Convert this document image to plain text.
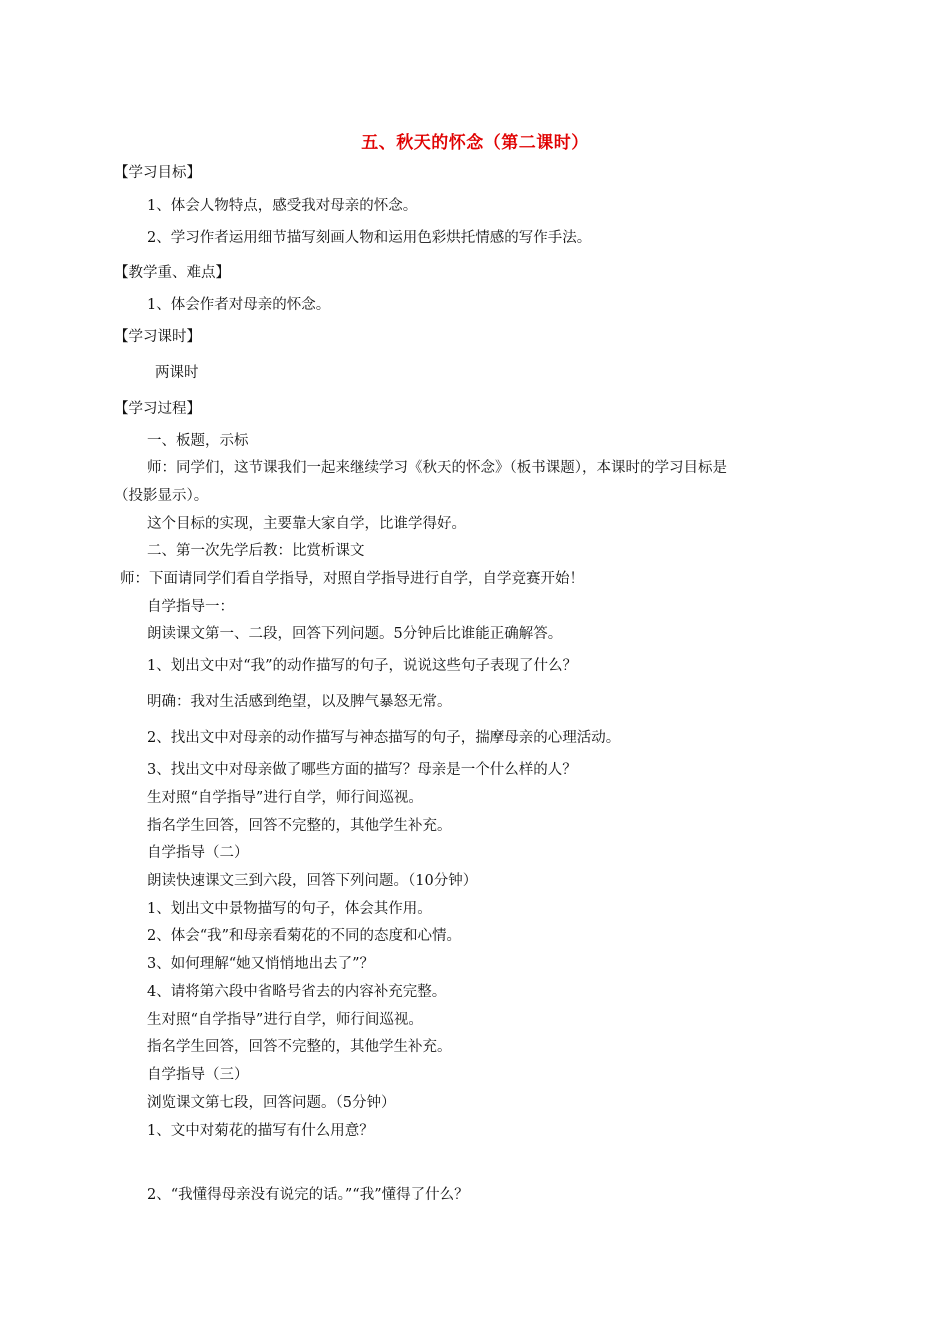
五、秋天的怀念（第二课时）
【学习目标】
1、体会人物特点，感受我对母亲的怀念。
2、学习作者运用细节描写刻画人物和运用色彩烘托情感的写作手法。
【教学重、难点】
1、体会作者对母亲的怀念。
【学习课时】
两课时
【学习过程】
一、板题，示标
师：同学们，这节课我们一起来继续学习《秋天的怀念》（板书课题），本课时的学习目标是
（投影显示）。
这个目标的实现，主要靠大家自学，比谁学得好。
二、第一次先学后教：比赏析课文
师：下面请同学们看自学指导，对照自学指导进行自学，自学竞赛开始！
自学指导一：
朗读课文第一、二段，回答下列问题。5分钟后比谁能正确解答。
1、划出文中对“我”的动作描写的句子，说说这些句子表现了什么？
明确：我对生活感到绝望，以及脾气暴怒无常。
2、找出文中对母亲的动作描写与神态描写的句子，揣摩母亲的心理活动。
3、找出文中对母亲做了哪些方面的描写？母亲是一个什么样的人？
生对照“自学指导”进行自学，师行间巡视。
指名学生回答，回答不完整的，其他学生补充。
自学指导（二）
朗读快速课文三到六段，回答下列问题。（10分钟）
1、划出文中景物描写的句子，体会其作用。
2、体会“我”和母亲看菊花的不同的态度和心情。
3、如何理解“她又悄悄地出去了”？
4、请将第六段中省略号省去的内容补充完整。
生对照“自学指导”进行自学，师行间巡视。
指名学生回答，回答不完整的，其他学生补充。
自学指导（三）
浏览课文第七段，回答问题。（5分钟）
1、文中对菊花的描写有什么用意？
2、“我懂得母亲没有说完的话。”“我”懂得了什么？
